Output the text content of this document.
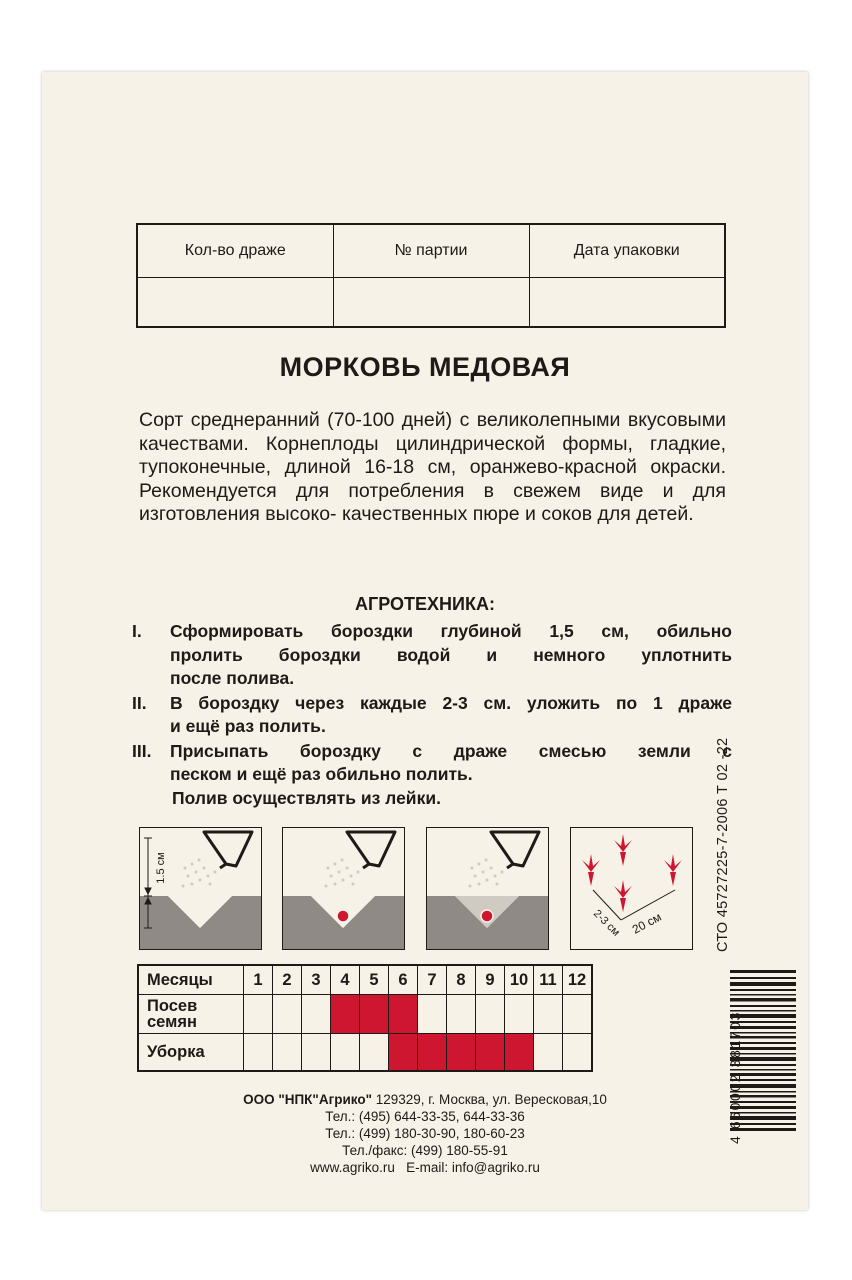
Кол-во драже	№ партии	Дата упаковки

МОРКОВЬ МЕДОВАЯ
Сорт среднеранний (70-100 дней) с великолепными вкусовыми качествами. Корнеплоды цилиндрической формы, гладкие, тупоконечные, длиной 16-18 см, оранжево-красной окраски. Рекомендуется для потребления в свежем виде и для изготовления высоко- качественных пюре и соков для детей.
АГРОТЕХНИКА:
I.	Сформировать бороздки глубиной 1,5 см, обильно
пролить бороздки водой и немного уплотнить
после полива.
II.	В бороздку через каждые 2-3 см. уложить по 1 драже
и ещё раз полить.
III.	Присыпать бороздку с драже смесью земли с
песком и ещё раз обильно полить.
Полив осуществлять из лейки.
1.5 см
2-3 см 20 см
Месяцы	1	2	3	4	5	6	7	8	9	10	11	12
Посев
семян												
Уборка												
ООО "НПК"Агрико" 129329, г. Москва, ул. Вересковая,10
Тел.: (495) 644-33-35, 644-33-36
Тел.: (499) 180-30-90, 180-60-23
Тел./факс: (499) 180-55-91
www.agriko.ru E-mail: info@agriko.ru
СТО 45727225-7-2006 Т 02 -22
4 660002 381703
